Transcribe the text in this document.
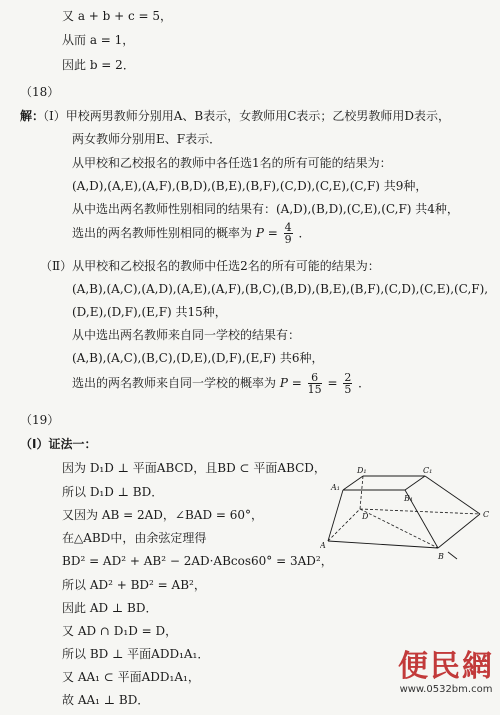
又 a + b + c = 5，
从而 a = 1，
因此 b = 2．
（18）
（Ⅰ）甲校两男教师分别用A、B表示，女教师用C表示；乙校男教师用D表示，
两女教师分别用E、F表示．
从甲校和乙校报名的教师中各任选1名的所有可能的结果为：
(A,D),(A,E),(A,F),(B,D),(B,E),(B,F),(C,D),(C,E),(C,F) 共9种，
从中选出两名教师性别相同的结果有：(A,D),(B,D),(C,E),(C,F) 共4种，
（Ⅱ）从甲校和乙校报名的教师中任选2名的所有可能的结果为：
(A,B),(A,C),(A,D),(A,E),(A,F),(B,C),(B,D),(B,E),(B,F),(C,D),(C,E),(C,F),
(D,E),(D,F),(E,F) 共15种，
从中选出两名教师来自同一学校的结果有：
(A,B),(A,C),(B,C),(D,E),(D,F),(E,F) 共6种，
（19）
因为 D₁D ⊥ 平面ABCD，且BD ⊂ 平面ABCD，
所以 D₁D ⊥ BD．
又因为 AB = 2AD，∠BAD = 60°，
在△ABD中，由余弦定理得
BD² = AD² + AB² − 2AD·ABcos60° = 3AD²，
所以 AD² + BD² = AB²，
因此 AD ⊥ BD．
又 AD ∩ D₁D = D，
所以 BD ⊥ 平面ADD₁A₁．
又 AA₁ ⊂ 平面ADD₁A₁，
故 AA₁ ⊥ BD．
解：
（Ⅰ）证法一：
选出的两名教师性别相同的概率为 $P = \frac{4}{9}$ ．
选出的两名教师来自同一学校的概率为 $P = \frac{6}{15} = \frac{2}{5}$ ．
D₁	C₁
A₁
B₁
D
A
B
C
便民網
www.0532bm.com
